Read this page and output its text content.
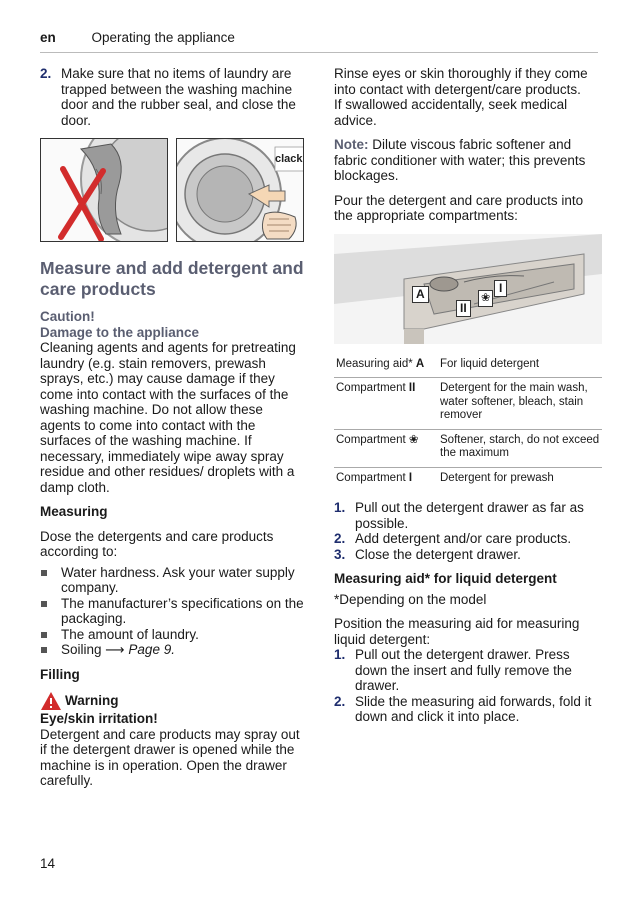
en	Operating the appliance
2. Make sure that no items of laundry are trapped between the washing machine door and the rubber seal, and close the door.
clack
Measure and add detergent and care products

Caution!

Damage to the appliance

Cleaning agents and agents for pretreating laundry (e.g. stain removers, prewash sprays, etc.) may cause damage if they come into contact with the surfaces of the washing machine. Do not allow these agents to come into contact with the surfaces of the washing machine. If necessary, immediately wipe away spray residue and other residues/ droplets with a damp cloth.

Measuring

Dose the detergents and care products according to:

Water hardness. Ask your water supply company.
The manufacturer’s specifications on the packaging.
The amount of laundry.
Soiling ⟶ Page 9.

Filling

Warning

Eye/skin irritation!

Detergent and care products may spray out if the detergent drawer is opened while the machine is in operation. Open the drawer carefully.

Rinse eyes or skin thoroughly if they come into contact with detergent/care products.

If swallowed accidentally, seek medical advice.

Note: Dilute viscous fabric softener and fabric conditioner with water; this prevents blockages.

Pour the detergent and care products into the appropriate compartments:

A
II
❀
I
Measuring aid* A	For liquid detergent
Compartment II	Detergent for the main wash, water softener, bleach, stain remover
Compartment ❀	Softener, starch, do not exceed the maximum
Compartment I	Detergent for prewash
1. Pull out the detergent drawer as far as possible.
2. Add detergent and/or care products.
3. Close the detergent drawer.

Measuring aid* for liquid detergent

*Depending on the model

Position the measuring aid for measuring liquid detergent:

1. Pull out the detergent drawer. Press down the insert and fully remove the drawer.
2. Slide the measuring aid forwards, fold it down and click it into place.
14
